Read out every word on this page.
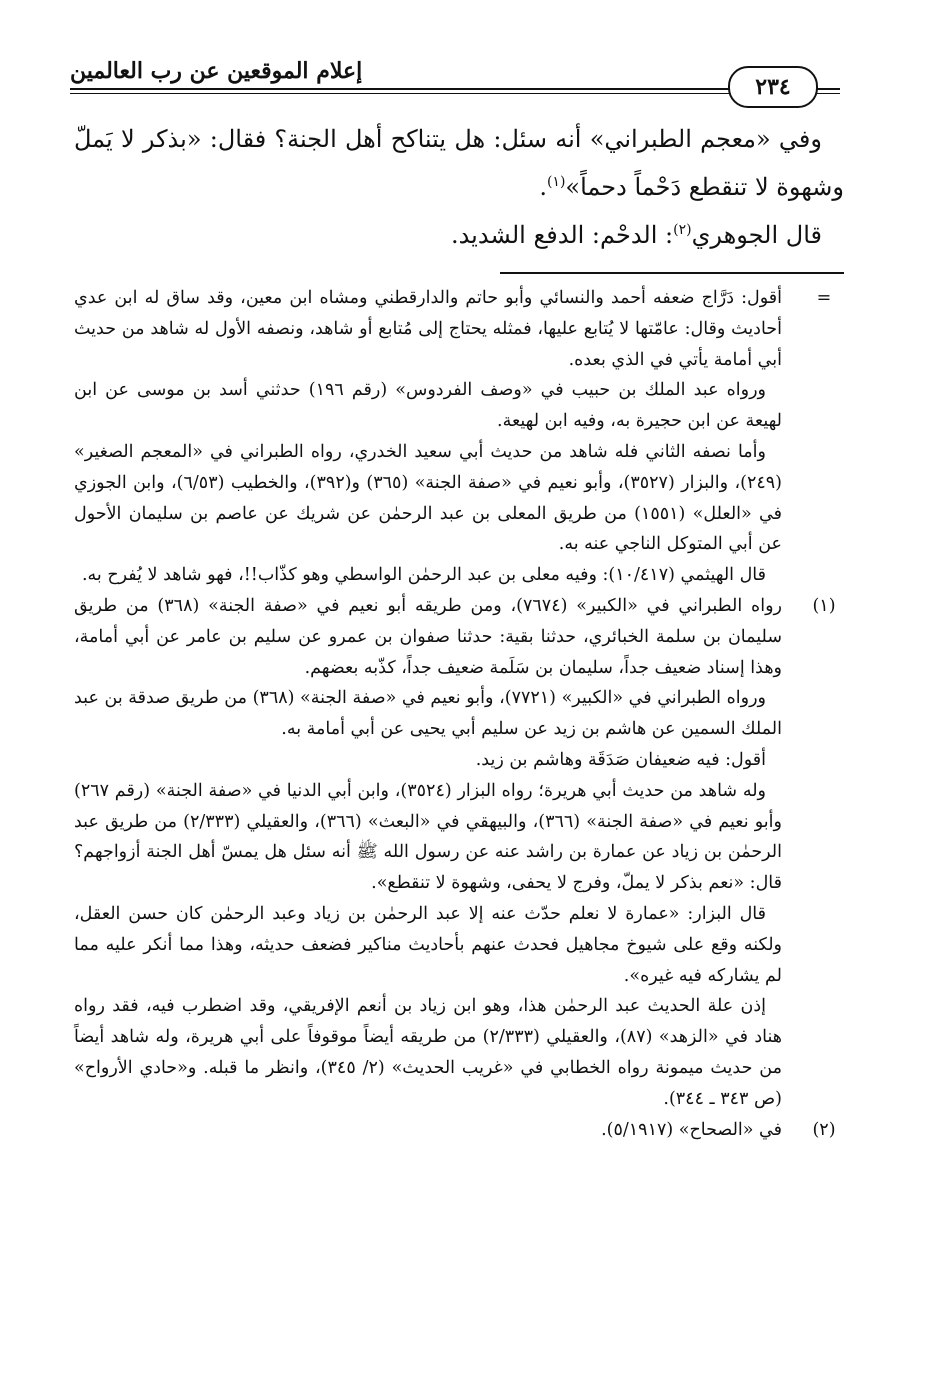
إعلام الموقعين عن رب العالمين
٢٣٤

وفي «معجم الطبراني» أنه سئل: هل يتناكح أهل الجنة؟ فقال: «بذكر لا يَملّ وشهوة لا تنقطع دَحْماً دحماً»$^{(١)}$.

قال الجوهري$^{(٢)}$: الدحْم: الدفع الشديد.

=

أقول: دَرَّاج ضعفه أحمد والنسائي وأبو حاتم والدارقطني ومشاه ابن معين، وقد ساق له ابن عدي أحاديث وقال: عامّتها لا يُتابع عليها، فمثله يحتاج إلى مُتابع أو شاهد، ونصفه الأول له شاهد من حديث أبي أمامة يأتي في الذي بعده.

ورواه عبد الملك بن حبيب في «وصف الفردوس» (رقم ١٩٦) حدثني أسد بن موسى عن ابن لهيعة عن ابن حجيرة به، وفيه ابن لهيعة.

وأما نصفه الثاني فله شاهد من حديث أبي سعيد الخدري، رواه الطبراني في «المعجم الصغير» (٢٤٩)، والبزار (٣٥٢٧)، وأبو نعيم في «صفة الجنة» (٣٦٥) و(٣٩٢)، والخطيب (٦/٥٣)، وابن الجوزي في «العلل» (١٥٥١) من طريق المعلى بن عبد الرحمٰن عن شريك عن عاصم بن سليمان الأحول عن أبي المتوكل الناجي عنه به.

قال الهيثمي (١٠/٤١٧): وفيه معلى بن عبد الرحمٰن الواسطي وهو كذّاب!!، فهو شاهد لا يُفرح به.

(١)

رواه الطبراني في «الكبير» (٧٦٧٤)، ومن طريقه أبو نعيم في «صفة الجنة» (٣٦٨) من طريق سليمان بن سلمة الخبائري، حدثنا بقية: حدثنا صفوان بن عمرو عن سليم بن عامر عن أبي أمامة، وهذا إسناد ضعيف جداً، سليمان بن سَلَمة ضعيف جداً، كذّبه بعضهم.

ورواه الطبراني في «الكبير» (٧٧٢١)، وأبو نعيم في «صفة الجنة» (٣٦٨) من طريق صدقة بن عبد الملك السمين عن هاشم بن زيد عن سليم أبي يحيى عن أبي أمامة به.

أقول: فيه ضعيفان صَدَقَة وهاشم بن زيد.

وله شاهد من حديث أبي هريرة؛ رواه البزار (٣٥٢٤)، وابن أبي الدنيا في «صفة الجنة» (رقم ٢٦٧) وأبو نعيم في «صفة الجنة» (٣٦٦)، والبيهقي في «البعث» (٣٦٦)، والعقيلي (٢/٣٣٣) من طريق عبد الرحمٰن بن زياد عن عمارة بن راشد عنه عن رسول الله ﷺ أنه سئل هل يمسّ أهل الجنة أزواجهم؟ قال: «نعم بذكر لا يملّ، وفرج لا يحفى، وشهوة لا تنقطع».

قال البزار: «عمارة لا نعلم حدّث عنه إلا عبد الرحمٰن بن زياد وعبد الرحمٰن كان حسن العقل، ولكنه وقع على شيوخ مجاهيل فحدث عنهم بأحاديث مناكير فضعف حديثه، وهذا مما أنكر عليه مما لم يشاركه فيه غيره».

إذن علة الحديث عبد الرحمٰن هذا، وهو ابن زياد بن أنعم الإفريقي، وقد اضطرب فيه، فقد رواه هناد في «الزهد» (٨٧)، والعقيلي (٢/٣٣٣) من طريقه أيضاً موقوفاً على أبي هريرة، وله شاهد أيضاً من حديث ميمونة رواه الخطابي في «غريب الحديث» (٢/ ٣٤٥)، وانظر ما قبله. و«حادي الأرواح» (ص ٣٤٣ ـ ٣٤٤).

(٢)

في «الصحاح» (٥/١٩١٧).
